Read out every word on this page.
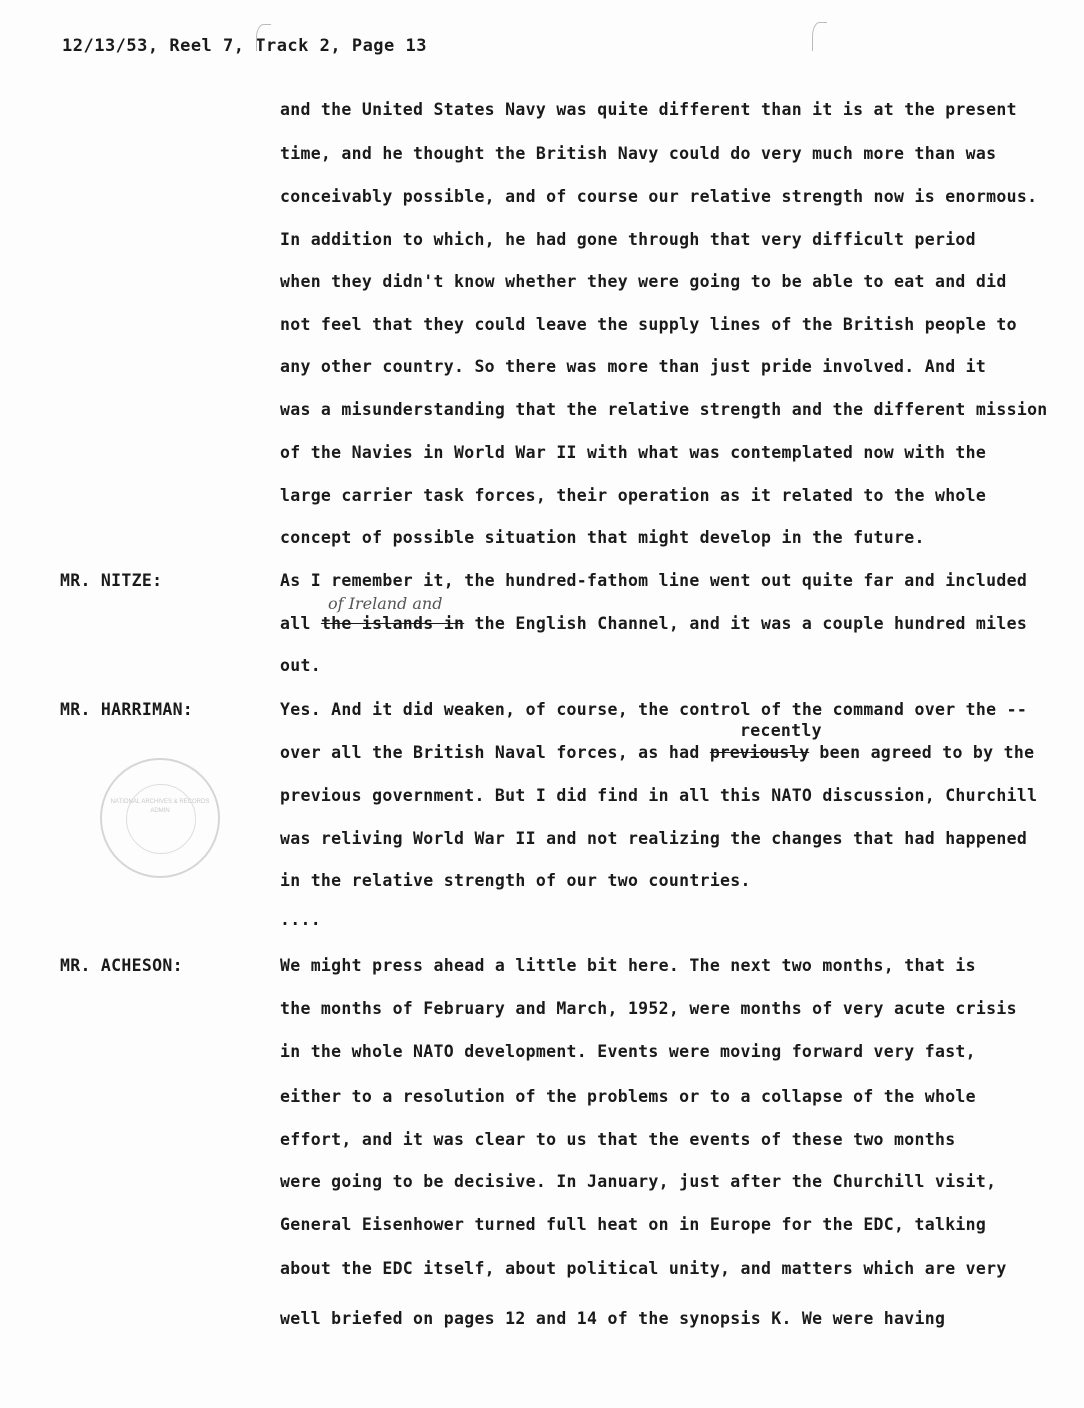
12/13/53, Reel 7, Track 2, Page 13
and the United States Navy was quite different than it is at the present
time, and he thought the British Navy could do very much more than was
conceivably possible, and of course our relative strength now is enormous.
In addition to which, he had gone through that very difficult period
when they didn't know whether they were going to be able to eat and did
not feel that they could leave the supply lines of the British people to
any other country. So there was more than just pride involved. And it
was a misunderstanding that the relative strength and the different mission
of the Navies in World War II with what was contemplated now with the
large carrier task forces, their operation as it related to the whole
concept of possible situation that might develop in the future.
MR. NITZE:	As I remember it, the hundred-fathom line went out quite far and included
of Ireland and
all the islands in the English Channel, and it was a couple hundred miles
out.
MR. HARRIMAN:	Yes. And it did weaken, of course, the control of the command over the --
recently
over all the British Naval forces, as had previously been agreed to by the
previous government. But I did find in all this NATO discussion, Churchill
was reliving World War II and not realizing the changes that had happened
in the relative strength of our two countries.
....
MR. ACHESON:	We might press ahead a little bit here. The next two months, that is
the months of February and March, 1952, were months of very acute crisis
in the whole NATO development. Events were moving forward very fast,
either to a resolution of the problems or to a collapse of the whole
effort, and it was clear to us that the events of these two months
were going to be decisive. In January, just after the Churchill visit,
General Eisenhower turned full heat on in Europe for the EDC, talking
about the EDC itself, about political unity, and matters which are very
well briefed on pages 12 and 14 of the synopsis K. We were having
NATIONAL ARCHIVES & RECORDS ADMIN
